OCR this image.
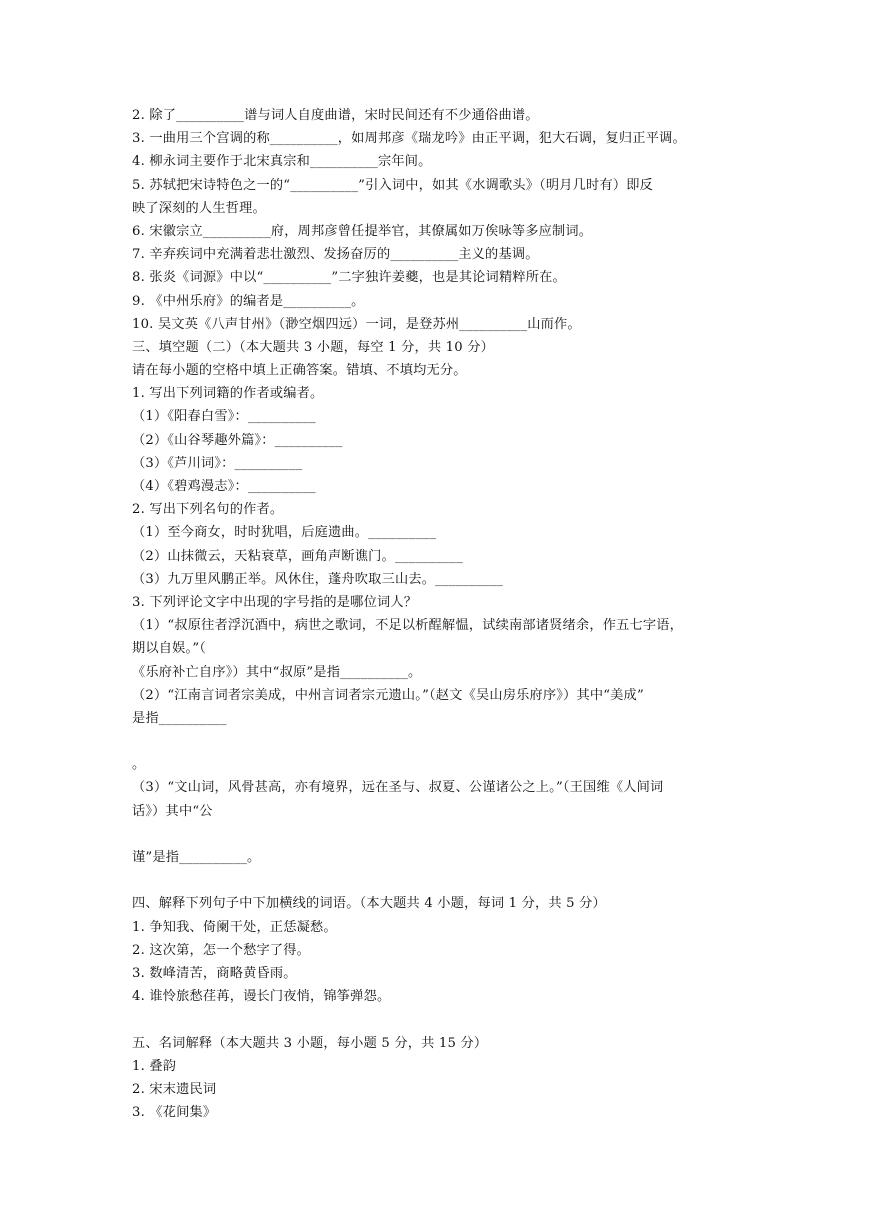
2. 除了__________谱与词人自度曲谱，宋时民间还有不少通俗曲谱。
3. 一曲用三个宫调的称__________，如周邦彦《瑞龙吟》由正平调，犯大石调，复归正平调。
4. 柳永词主要作于北宋真宗和__________宗年间。
5. 苏轼把宋诗特色之一的“__________”引入词中，如其《水调歌头》（明月几时有）即反
映了深刻的人生哲理。
6. 宋徽宗立__________府，周邦彦曾任提举官，其僚属如万俟咏等多应制词。
7. 辛弃疾词中充满着悲壮激烈、发扬奋厉的__________主义的基调。
8. 张炎《词源》中以“__________”二字独许姜夔，也是其论词精粹所在。
9. 《中州乐府》的编者是__________。
10. 吴文英《八声甘州》（渺空烟四远）一词，是登苏州__________山而作。
三、填空题（二）（本大题共 3 小题，每空 1 分，共 10 分）
请在每小题的空格中填上正确答案。错填、不填均无分。
1. 写出下列词籍的作者或编者。
（1）《阳春白雪》：__________
（2）《山谷琴趣外篇》：__________
（3）《芦川词》：__________
（4）《碧鸡漫志》：__________
2. 写出下列名句的作者。
（1）至今商女，时时犹唱，后庭遗曲。__________
（2）山抹微云，天粘衰草，画角声断谯门。__________
（3）九万里风鹏正举。风休住，蓬舟吹取三山去。__________
3. 下列评论文字中出现的字号指的是哪位词人？
（1）“叔原往者浮沉酒中，病世之歌词，不足以析酲解愠，试续南部诸贤绪余，作五七字语，
期以自娱。”（
《乐府补亡自序》）其中“叔原”是指__________。
（2）“江南言词者宗美成，中州言词者宗元遗山。”（赵文《吴山房乐府序》）其中“美成”
是指__________
。
（3）“文山词，风骨甚高，亦有境界，远在圣与、叔夏、公谨诸公之上。”（王国维《人间词
话》）其中“公
谨”是指__________。
四、解释下列句子中下加横线的词语。（本大题共 4 小题，每词 1 分，共 5 分）
1. 争知我、倚阑干处，正恁凝愁。
2. 这次第，怎一个愁字了得。
3. 数峰清苦，商略黄昏雨。
4. 谁怜旅愁荏苒，谩长门夜悄，锦筝弹怨。
五、名词解释（本大题共 3 小题，每小题 5 分，共 15 分）
1. 叠韵
2. 宋末遗民词
3. 《花间集》
